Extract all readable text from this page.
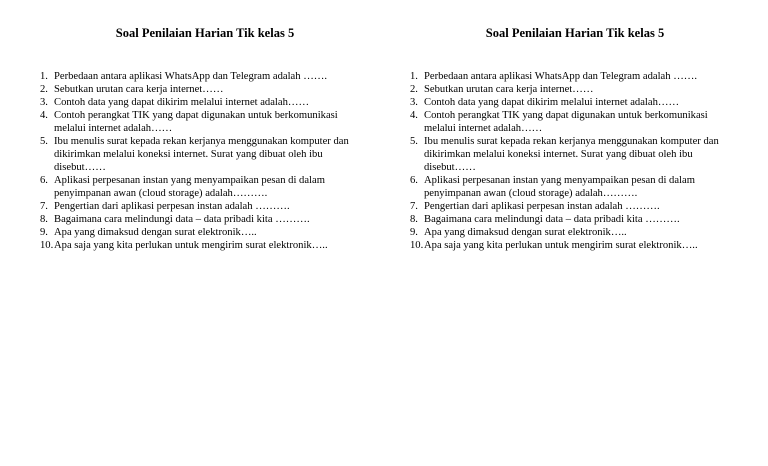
Soal Penilaian Harian Tik kelas 5
1. Perbedaan antara aplikasi WhatsApp dan Telegram adalah …….
2. Sebutkan urutan cara kerja internet……
3. Contoh data yang dapat dikirim melalui internet adalah……
4. Contoh perangkat TIK yang dapat digunakan untuk berkomunikasi melalui internet adalah……
5. Ibu menulis surat kepada rekan kerjanya menggunakan komputer dan dikirimkan melalui koneksi internet. Surat yang dibuat oleh ibu disebut……
6. Aplikasi perpesanan instan yang menyampaikan pesan di dalam penyimpanan awan (cloud storage) adalah……….
7. Pengertian dari aplikasi perpesan instan adalah ……….
8. Bagaimana cara melindungi data – data pribadi kita ……….
9. Apa yang dimaksud dengan surat elektronik…..
10. Apa saja yang kita perlukan untuk mengirim surat elektronik…..
Soal Penilaian Harian Tik kelas 5
1. Perbedaan antara aplikasi WhatsApp dan Telegram adalah …….
2. Sebutkan urutan cara kerja internet……
3. Contoh data yang dapat dikirim melalui internet adalah……
4. Contoh perangkat TIK yang dapat digunakan untuk berkomunikasi melalui internet adalah……
5. Ibu menulis surat kepada rekan kerjanya menggunakan komputer dan dikirimkan melalui koneksi internet. Surat yang dibuat oleh ibu disebut……
6. Aplikasi perpesanan instan yang menyampaikan pesan di dalam penyimpanan awan (cloud storage) adalah……….
7. Pengertian dari aplikasi perpesan instan adalah ……….
8. Bagaimana cara melindungi data – data pribadi kita ……….
9. Apa yang dimaksud dengan surat elektronik…..
10. Apa saja yang kita perlukan untuk mengirim surat elektronik…..
